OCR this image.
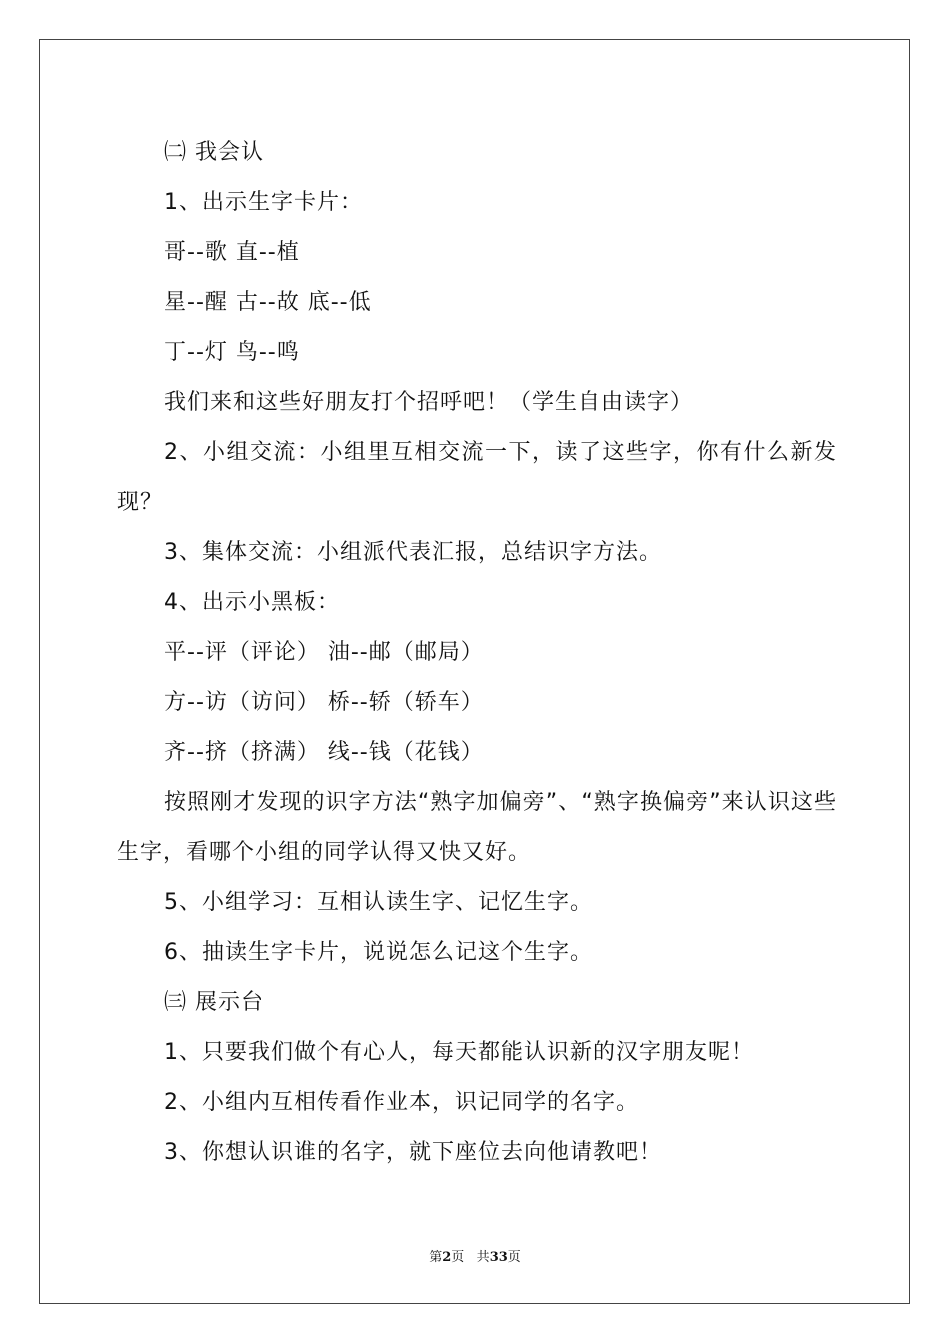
㈡ 我会认
1、出示生字卡片：
哥--歌 直--植
星--醒 古--故 底--低
丁--灯 鸟--鸣
我们来和这些好朋友打个招呼吧！（学生自由读字）
2、小组交流：小组里互相交流一下，读了这些字，你有什么新发现？
3、集体交流：小组派代表汇报，总结识字方法。
4、出示小黑板：
平--评（评论） 油--邮（邮局）
方--访（访问） 桥--轿（轿车）
齐--挤（挤满） 线--钱（花钱）
按照刚才发现的识字方法“熟字加偏旁”、“熟字换偏旁”来认识这些生字，看哪个小组的同学认得又快又好。
5、小组学习：互相认读生字、记忆生字。
6、抽读生字卡片，说说怎么记这个生字。
㈢ 展示台
1、只要我们做个有心人，每天都能认识新的汉字朋友呢！
2、小组内互相传看作业本，识记同学的名字。
3、你想认识谁的名字，就下座位去向他请教吧！
第2页 共33页
